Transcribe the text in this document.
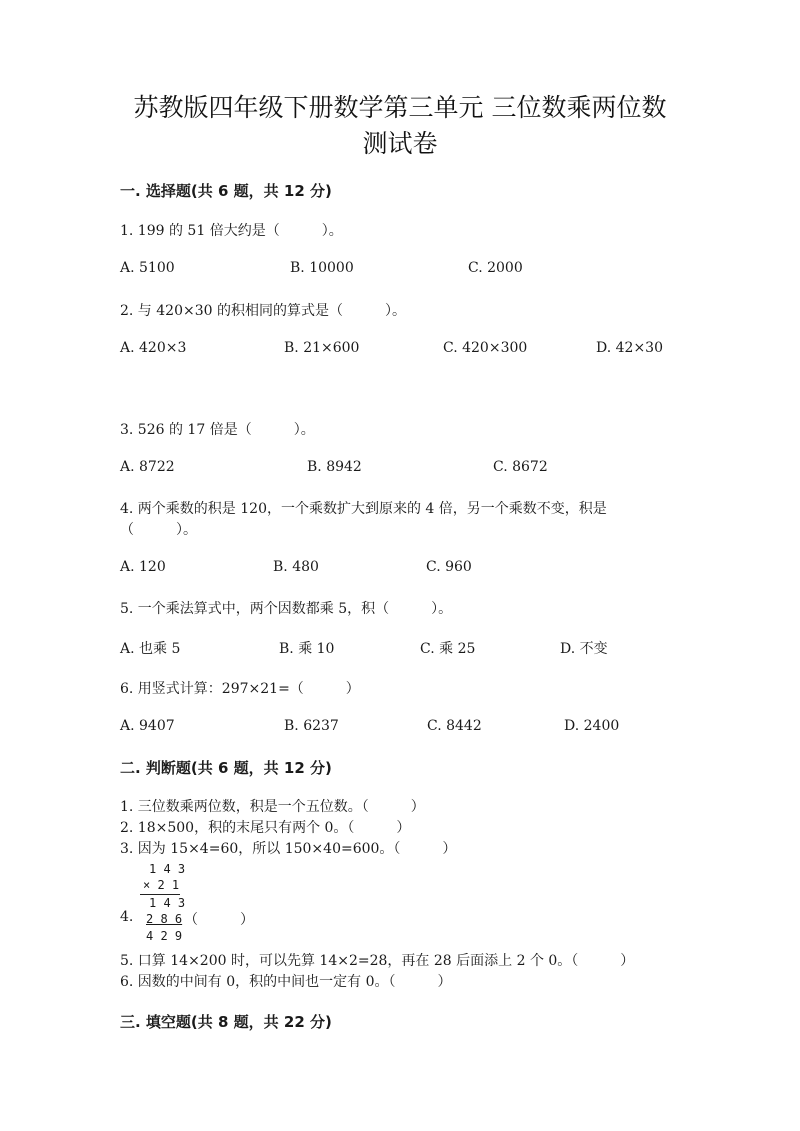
苏教版四年级下册数学第三单元 三位数乘两位数
测试卷
一. 选择题(共 6 题，共 12 分)
1. 199 的 51 倍大约是（　　　）。
A. 5100	B. 10000	C. 2000
2. 与 420×30 的积相同的算式是（　　　）。
A. 420×3	B. 21×600	C. 420×300	D. 42×30
3. 526 的 17 倍是（　　　）。
A. 8722	B. 8942	C. 8672
4. 两个乘数的积是 120，一个乘数扩大到原来的 4 倍，另一个乘数不变，积是
（　　　）。
A. 120	B. 480	C. 960
5. 一个乘法算式中，两个因数都乘 5，积（　　　）。
A. 也乘 5	B. 乘 10	C. 乘 25	D. 不变
6. 用竖式计算：297×21=（　　　）
A. 9407	B. 6237	C. 8442	D. 2400
二. 判断题(共 6 题，共 12 分)
1. 三位数乘两位数，积是一个五位数。（　　　）
2. 18×500，积的末尾只有两个 0。（　　　）
3. 因为 15×4=60，所以 150×40=600。（　　　）
1 4 3
× 2 1
1 4 3
4. 2 8 6 （　　　）
4 2 9
5. 口算 14×200 时，可以先算 14×2=28，再在 28 后面添上 2 个 0。（　　　）
6. 因数的中间有 0，积的中间也一定有 0。（　　　）
三. 填空题(共 8 题，共 22 分)
